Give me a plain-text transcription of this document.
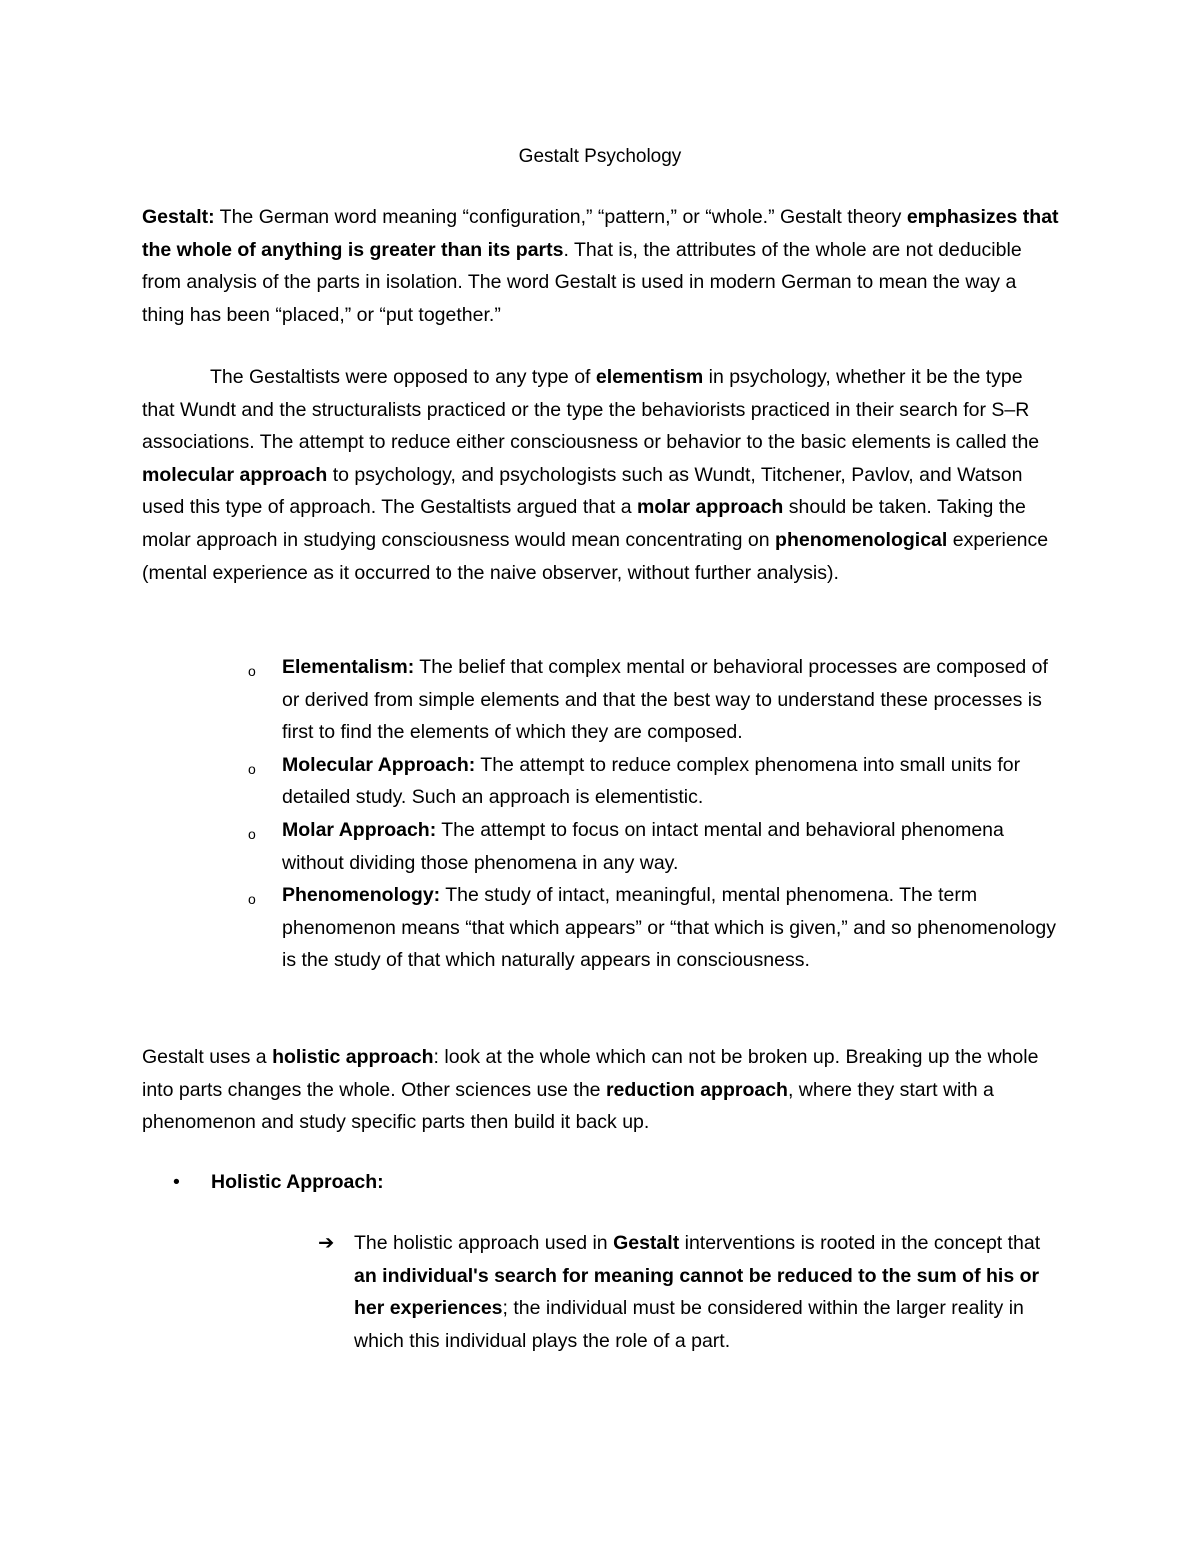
Gestalt Psychology

Gestalt: The German word meaning “configuration,” “pattern,” or “whole.” Gestalt theory emphasizes that the whole of anything is greater than its parts. That is, the attributes of the whole are not deducible from analysis of the parts in isolation. The word Gestalt is used in modern German to mean the way a thing has been “placed,” or “put together.”

The Gestaltists were opposed to any type of elementism in psychology, whether it be the type that Wundt and the structuralists practiced or the type the behaviorists practiced in their search for S–R associations. The attempt to reduce either consciousness or behavior to the basic elements is called the molecular approach to psychology, and psychologists such as Wundt, Titchener, Pavlov, and Watson used this type of approach. The Gestaltists argued that a molar approach should be taken. Taking the molar approach in studying consciousness would mean concentrating on phenomenological experience (mental experience as it occurred to the naive observer, without further analysis).

o Elementalism: The belief that complex mental or behavioral processes are composed of or derived from simple elements and that the best way to understand these processes is first to find the elements of which they are composed.
o Molecular Approach: The attempt to reduce complex phenomena into small units for detailed study. Such an approach is elementistic.
o Molar Approach: The attempt to focus on intact mental and behavioral phenomena without dividing those phenomena in any way.
o Phenomenology: The study of intact, meaningful, mental phenomena. The term phenomenon means “that which appears” or “that which is given,” and so phenomenology is the study of that which naturally appears in consciousness.

Gestalt uses a holistic approach: look at the whole which can not be broken up. Breaking up the whole into parts changes the whole. Other sciences use the reduction approach, where they start with a phenomenon and study specific parts then build it back up.

• Holistic Approach:
➔	The holistic approach used in Gestalt interventions is rooted in the concept that an individual's search for meaning cannot be reduced to the sum of his or her experiences; the individual must be considered within the larger reality in which this individual plays the role of a part.
